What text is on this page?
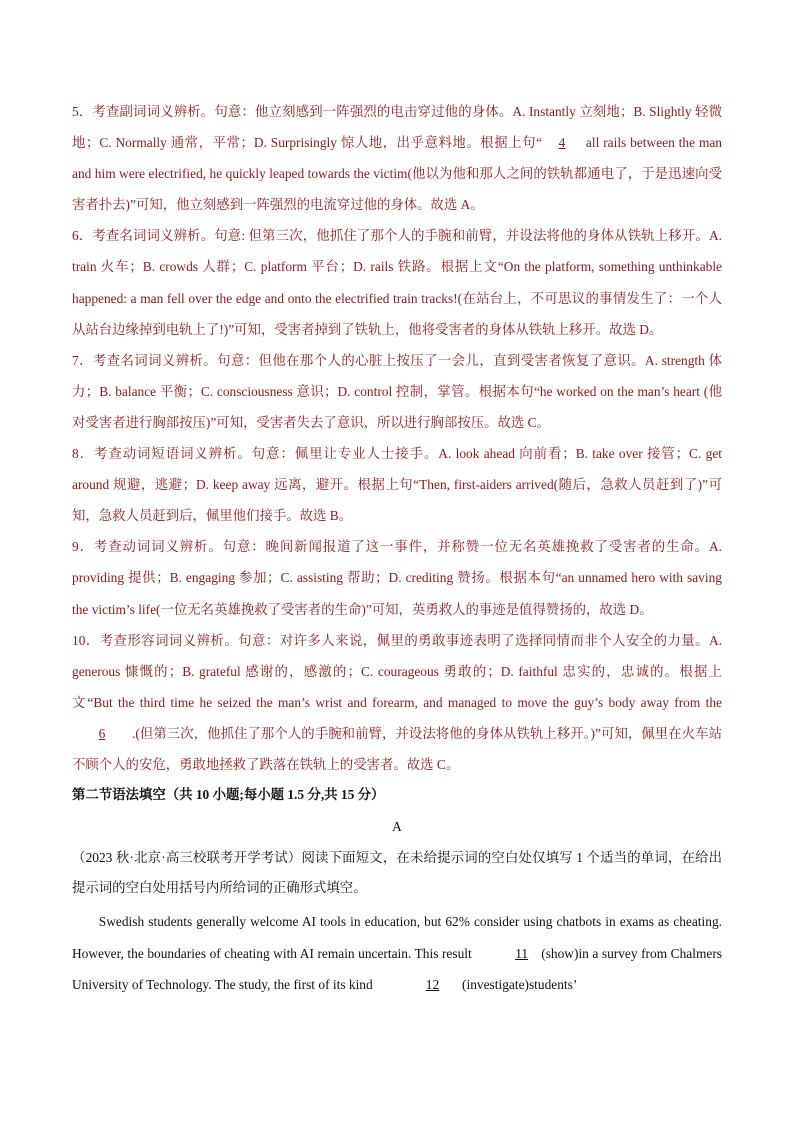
5．考查副词词义辨析。句意：他立刻感到一阵强烈的电击穿过他的身体。A. Instantly 立刻地；B. Slightly 轻微地；C. Normally 通常，平常；D. Surprisingly 惊人地，出乎意料地。根据上句“ 4 all rails between the man and him were electrified, he quickly leaped towards the victim(他以为他和那人之间的铁轨都通电了，于是迅速向受害者扑去)”可知，他立刻感到一阵强烈的电流穿过他的身体。故选 A。

6．考查名词词义辨析。句意: 但第三次，他抓住了那个人的手腕和前臂，并设法将他的身体从铁轨上移开。A. train 火车；B. crowds 人群；C. platform 平台；D. rails 铁路。根据上文“On the platform, something unthinkable happened: a man fell over the edge and onto the electrified train tracks!(在站台上，不可思议的事情发生了：一个人从站台边缘掉到电轨上了!)”可知，受害者掉到了铁轨上，他将受害者的身体从铁轨上移开。故选 D。

7．考查名词词义辨析。句意：但他在那个人的心脏上按压了一会儿，直到受害者恢复了意识。A. strength 体力；B. balance 平衡；C. consciousness 意识；D. control 控制，掌管。根据本句“he worked on the man’s heart (他对受害者进行胸部按压)”可知，受害者失去了意识，所以进行胸部按压。故选 C。

8．考查动词短语词义辨析。句意：佩里让专业人士接手。A. look ahead 向前看；B. take over 接管；C. get around 规避，逃避；D. keep away 远离，避开。根据上句“Then, first-aiders arrived(随后，急救人员赶到了)”可知，急救人员赶到后，佩里他们接手。故选 B。

9．考查动词词义辨析。句意：晚间新闻报道了这一事件，并称赞一位无名英雄挽救了受害者的生命。A. providing 提供；B. engaging 参加；C. assisting 帮助；D. crediting 赞扬。根据本句“an unnamed hero with saving the victim’s life(一位无名英雄挽救了受害者的生命)”可知，英勇救人的事迹是值得赞扬的，故选 D。

10．考查形容词词义辨析。句意：对许多人来说，佩里的勇敢事迹表明了选择同情而非个人安全的力量。A. generous 慷慨的；B. grateful 感谢的，感激的；C. courageous 勇敢的；D. faithful 忠实的，忠诚的。根据上文“But the third time he seized the man’s wrist and forearm, and managed to move the guy’s body away from the 6 .(但第三次，他抓住了那个人的手腕和前臂，并设法将他的身体从铁轨上移开。)”可知，佩里在火车站不顾个人的安危，勇敢地拯救了跌落在铁轨上的受害者。故选 C。

第二节语法填空（共 10 小题;每小题 1.5 分,共 15 分）
A
（2023 秋·北京·高三校联考开学考试）阅读下面短文，在未给提示词的空白处仅填写 1 个适当的单词，在给出提示词的空白处用括号内所给词的正确形式填空。
Swedish students generally welcome AI tools in education, but 62% consider using chatbots in exams as cheating. However, the boundaries of cheating with AI remain uncertain. This result	11 (show)in a survey from Chalmers University of Technology. The study, the first of its kind	12 (investigate)students’
